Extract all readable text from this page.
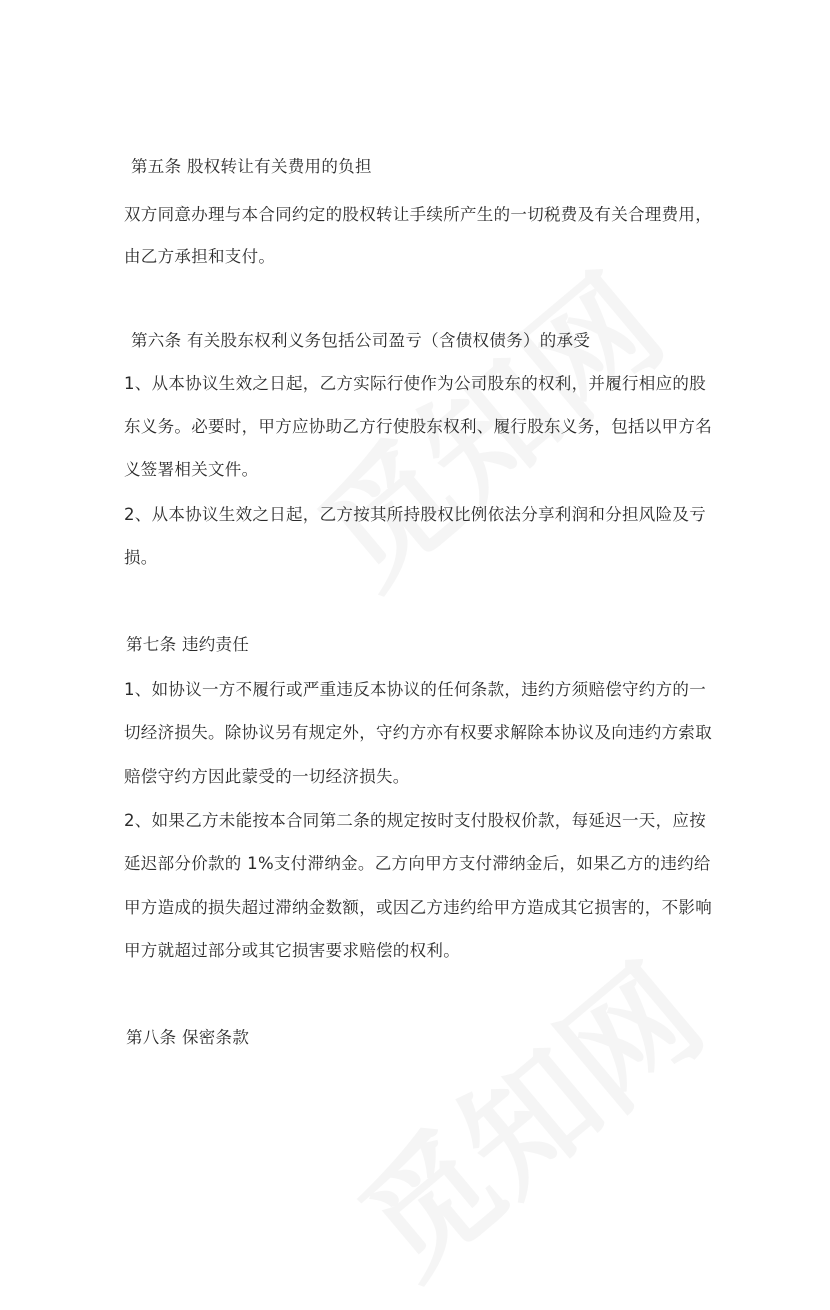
第五条 股权转让有关费用的负担

双方同意办理与本合同约定的股权转让手续所产生的一切税费及有关合理费用，

由乙方承担和支付。

第六条 有关股东权利义务包括公司盈亏（含债权债务）的承受

1、从本协议生效之日起，乙方实际行使作为公司股东的权利，并履行相应的股

东义务。必要时，甲方应协助乙方行使股东权利、履行股东义务，包括以甲方名

义签署相关文件。

2、从本协议生效之日起，乙方按其所持股权比例依法分享利润和分担风险及亏

损。

第七条 违约责任

1、如协议一方不履行或严重违反本协议的任何条款，违约方须赔偿守约方的一

切经济损失。除协议另有规定外，守约方亦有权要求解除本协议及向违约方索取

赔偿守约方因此蒙受的一切经济损失。

2、如果乙方未能按本合同第二条的规定按时支付股权价款，每延迟一天，应按

延迟部分价款的 1%支付滞纳金。乙方向甲方支付滞纳金后，如果乙方的违约给

甲方造成的损失超过滞纳金数额，或因乙方违约给甲方造成其它损害的，不影响

甲方就超过部分或其它损害要求赔偿的权利。

第八条 保密条款
